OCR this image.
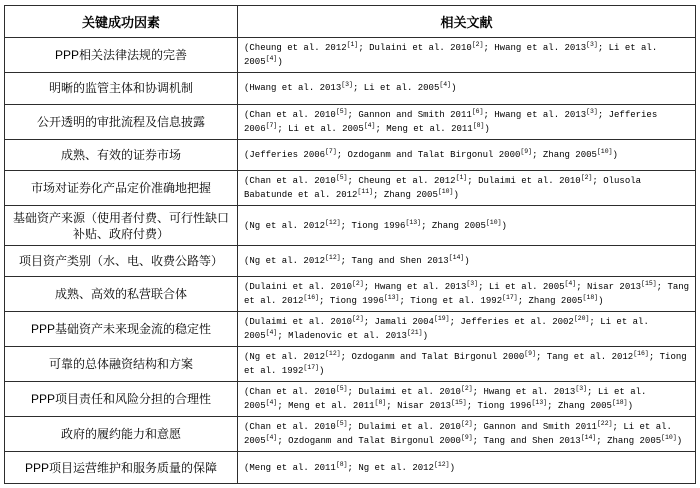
关键成功因素	相关文献
PPP相关法律法规的完善	(Cheung et al. 2012[1]; Dulaini et al. 2010[2]; Hwang et al. 2013[3]; Li et al. 2005[4])
明晰的监管主体和协调机制	(Hwang et al. 2013[3]; Li et al. 2005[4])
公开透明的审批流程及信息披露	(Chan et al. 2010[5]; Gannon and Smith 2011[6]; Hwang et al. 2013[3]; Jefferies 2006[7]; Li et al. 2005[4]; Meng et al. 2011[8])
成熟、有效的证券市场	(Jefferies 2006[7]; Ozdoganm and Talat Birgonul 2000[9]; Zhang 2005[10])
市场对证券化产品定价准确地把握	(Chan et al. 2010[5]; Cheung et al. 2012[1]; Dulaimi et al. 2010[2]; Olusola Babatunde et al. 2012[11]; Zhang 2005[10])
基础资产来源（使用者付费、可行性缺口补贴、政府付费）	(Ng et al. 2012[12]; Tiong 1996[13]; Zhang 2005[10])
项目资产类别（水、电、收费公路等）	(Ng et al. 2012[12]; Tang and Shen 2013[14])
成熟、高效的私营联合体	(Dulaini et al. 2010[2]; Hwang et al. 2013[3]; Li et al. 2005[4]; Nisar 2013[15]; Tang et al. 2012[16]; Tiong 1996[13]; Tiong et al. 1992[17]; Zhang 2005[18])
PPP基础资产未来现金流的稳定性	(Dulaimi et al. 2010[2]; Jamali 2004[19]; Jefferies et al. 2002[20]; Li et al. 2005[4]; Mladenovic et al. 2013[21])
可靠的总体融资结构和方案	(Ng et al. 2012[12]; Ozdoganm and Talat Birgonul 2000[9]; Tang et al. 2012[16]; Tiong et al. 1992[17])
PPP项目责任和风险分担的合理性	(Chan et al. 2010[5]; Dulaimi et al. 2010[2]; Hwang et al. 2013[3]; Li et al. 2005[4]; Meng et al. 2011[8]; Nisar 2013[15]; Tiong 1996[13]; Zhang 2005[18])
政府的履约能力和意愿	(Chan et al. 2010[5]; Dulaimi et al. 2010[2]; Gannon and Smith 2011[22]; Li et al. 2005[4]; Ozdoganm and Talat Birgonul 2000[9]; Tang and Shen 2013[14]; Zhang 2005[10])
PPP项目运营维护和服务质量的保障	(Meng et al. 2011[8]; Ng et al. 2012[12])
